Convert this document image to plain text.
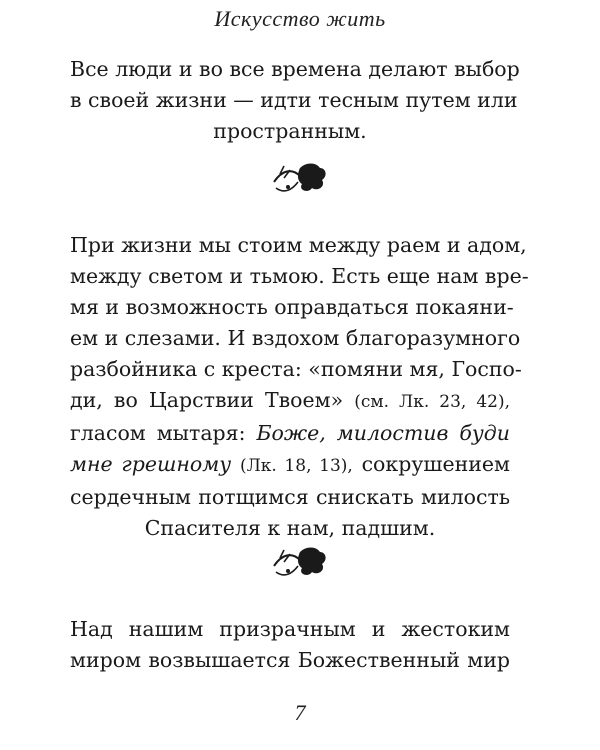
Искусство жить
Все люди и во все времена делают выбор
в своей жизни — идти тесным путем или
пространным.
При жизни мы стоим между раем и адом,
между светом и тьмою. Есть еще нам вре-
мя и возможность оправдаться покаяни-
ем и слезами. И вздохом благоразумного
разбойника с креста: «помяни мя, Госпо-
ди, во Царствии Твоем» (см. Лк. 23, 42),
гласом мытаря: Боже, милостив буди
мне грешному (Лк. 18, 13), сокрушением
сердечным потщимся снискать милость
Спасителя к нам, падшим.
Над нашим призрачным и жестоким
миром возвышается Божественный мир
7
